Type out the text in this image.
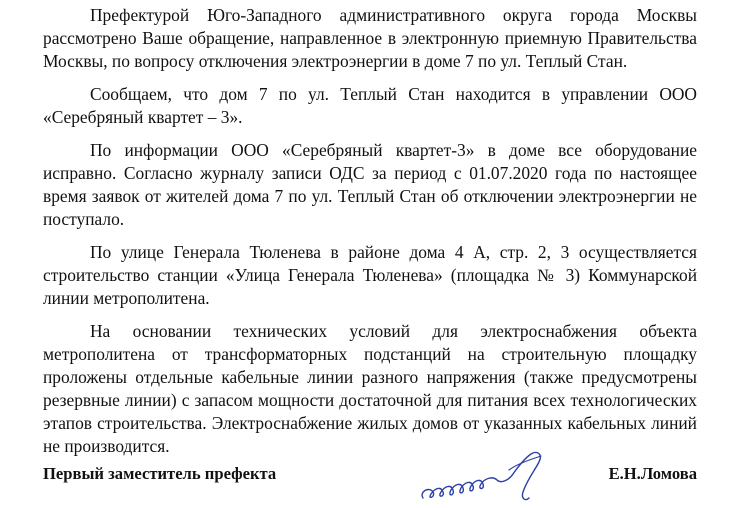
Префектурой Юго-Западного административного округа города Москвы рассмотрено Ваше обращение, направленное в электронную приемную Правительства Москвы, по вопросу отключения электроэнергии в доме 7 по ул. Теплый Стан.

Сообщаем, что дом 7 по ул. Теплый Стан находится в управлении ООО «Серебряный квартет – 3».

По информации ООО «Серебряный квартет-3» в доме все оборудование исправно. Согласно журналу записи ОДС за период с 01.07.2020 года по настоящее время заявок от жителей дома 7 по ул. Теплый Стан об отключении электроэнергии не поступало.

По улице Генерала Тюленева в районе дома 4 А, стр. 2, 3 осуществляется строительство станции «Улица Генерала Тюленева» (площадка № 3) Коммунарской линии метрополитена.

На основании технических условий для электроснабжения объекта метрополитена от трансформаторных подстанций на строительную площадку проложены отдельные кабельные линии разного напряжения (также предусмотрены резервные линии) с запасом мощности достаточной для питания всех технологических этапов строительства. Электроснабжение жилых домов от указанных кабельных линий не производится.

Первый заместитель префекта	Е.Н.Ломова
